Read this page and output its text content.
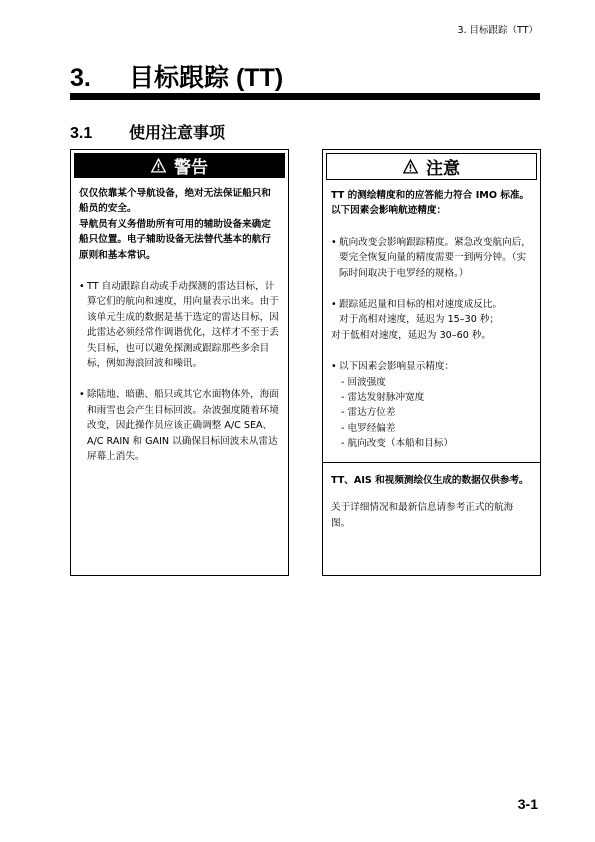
3. 目标跟踪（TT）
3. 目标跟踪 (TT)
3.1 使用注意事项
警告

仅仅依靠某个导航设备，绝对无法保证船只和船员的安全。

导航员有义务借助所有可用的辅助设备来确定船只位置。电子辅助设备无法替代基本的航行原则和基本常识。

• TT 自动跟踪自动或手动探测的雷达目标，计算它们的航向和速度，用向量表示出来。由于该单元生成的数据是基于选定的雷达目标，因此雷达必须经常作调谐优化，这样才不至于丢失目标，也可以避免探测或跟踪那些多余目标，例如海浪回波和噪讯。
• 除陆地、暗礁、船只或其它水面物体外，海面和雨雪也会产生目标回波。杂波强度随着环境改变，因此操作员应该正确调整 A/C SEA、A/C RAIN 和 GAIN 以确保目标回波未从雷达屏幕上消失。
注意

TT 的测绘精度和的应答能力符合 IMO 标准。

以下因素会影响航迹精度：

• 航向改变会影响跟踪精度。紧急改变航向后，要完全恢复向量的精度需要一到两分钟。（实际时间取决于电罗经的规格。）
• 跟踪延迟量和目标的相对速度成反比。

对于高相对速度，延迟为 15–30 秒；

对于低相对速度，延迟为 30–60 秒。

• 以下因素会影响显示精度：

- 回波强度

- 雷达发射脉冲宽度

- 雷达方位差

- 电罗经偏差

- 航向改变（本船和目标）

TT、AIS 和视频测绘仪生成的数据仅供参考。

关于详细情况和最新信息请参考正式的航海图。

3-1
